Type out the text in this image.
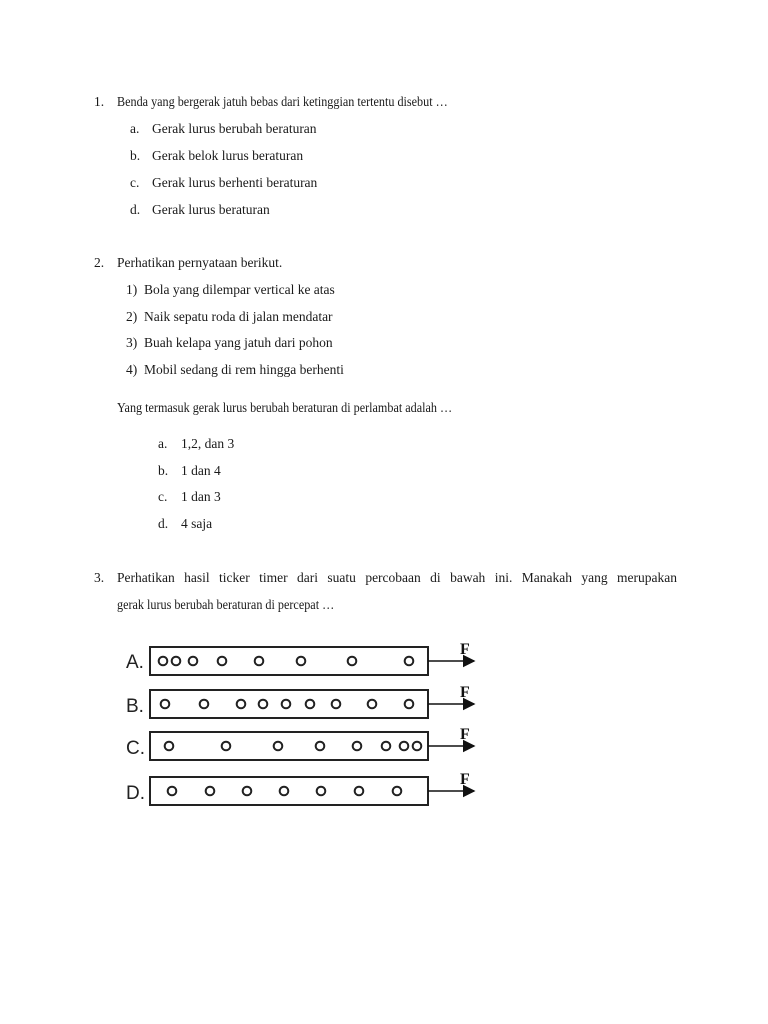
1. Benda yang bergerak jatuh bebas dari ketinggian tertentu disebut …
a. Gerak lurus berubah beraturan
b. Gerak belok lurus beraturan
c. Gerak lurus berhenti beraturan
d. Gerak lurus beraturan
2. Perhatikan pernyataan berikut.
1) Bola yang dilempar vertical ke atas
2) Naik sepatu roda di jalan mendatar
3) Buah kelapa yang jatuh dari pohon
4) Mobil sedang di rem hingga berhenti
Yang termasuk gerak lurus berubah beraturan di perlambat adalah …
a. 1,2, dan 3
b. 1 dan 4
c. 1 dan 3
d. 4 saja
3. Perhatikan hasil ticker timer dari suatu percobaan di bawah ini. Manakah yang merupakan
gerak lurus berubah beraturan di percepat …
A.
F
B.
F
C.
F
D.
F
